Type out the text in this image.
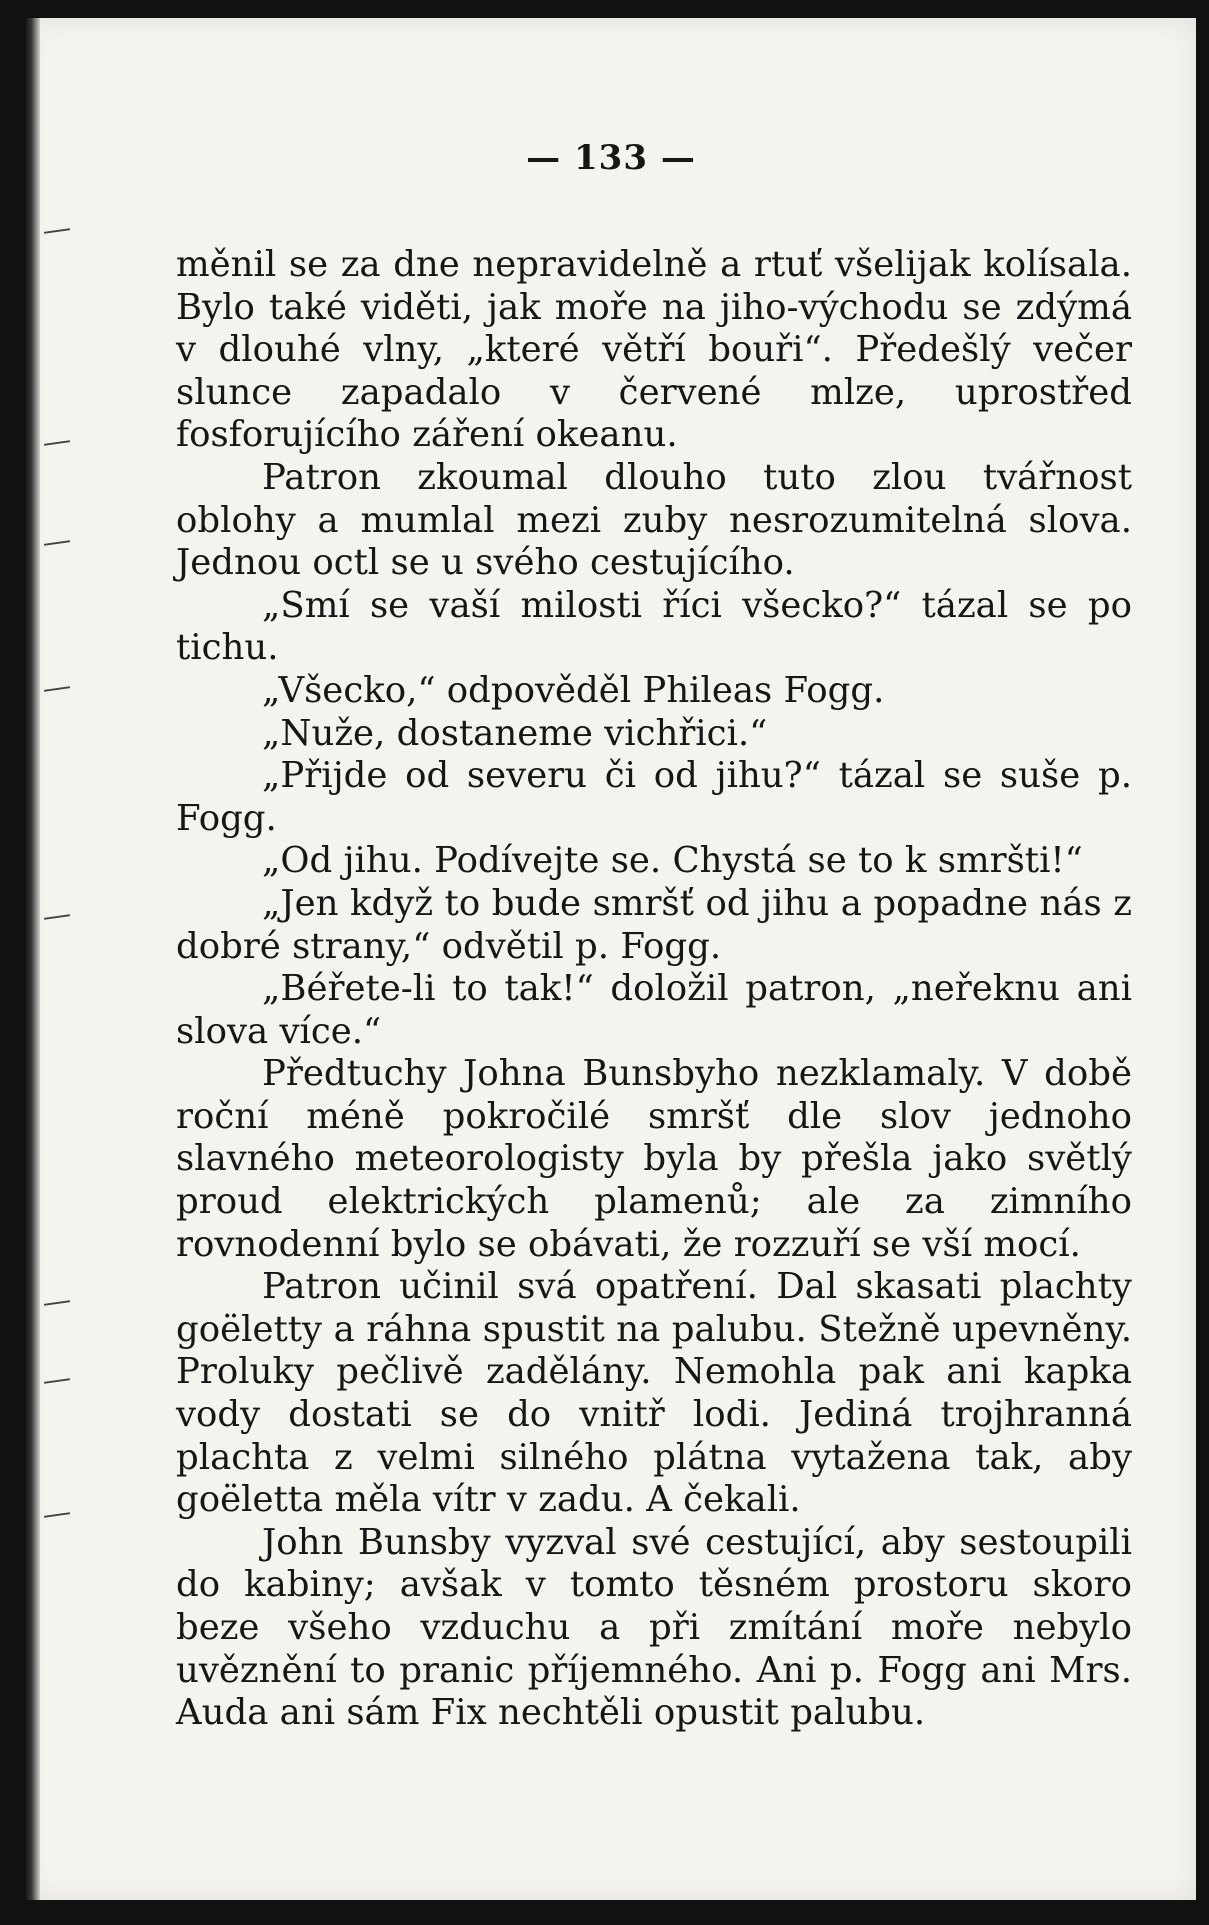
— 133 —

měnil se za dne nepravidelně a rtuť všelijak kolísala. Bylo také viděti, jak moře na jiho-východu se zdýmá v dlouhé vlny, „které větří bouři“. Předešlý večer slunce zapadalo v červené mlze, uprostřed fosforujícího záření okeanu.

Patron zkoumal dlouho tuto zlou tvářnost oblohy a mumlal mezi zuby nesrozumitelná slova. Jednou octl se u svého cestujícího.

„Smí se vaší milosti říci všecko?“ tázal se po tichu.

„Všecko,“ odpověděl Phileas Fogg.

„Nuže, dostaneme vichřici.“

„Přijde od severu či od jihu?“ tázal se suše p. Fogg.

„Od jihu. Podívejte se. Chystá se to k smršti!“

„Jen když to bude smršť od jihu a popadne nás z dobré strany,“ odvětil p. Fogg.

„Béřete-li to tak!“ doložil patron, „neřeknu ani slova více.“

Předtuchy Johna Bunsbyho nezklamaly. V době roční méně pokročilé smršť dle slov jednoho slavného meteorologisty byla by přešla jako světlý proud elektrických plamenů; ale za zimního rovnodenní bylo se obávati, že rozzuří se vší mocí.

Patron učinil svá opatření. Dal skasati plachty goëletty a ráhna spustit na palubu. Stežně upevněny. Proluky pečlivě zadělány. Nemohla pak ani kapka vody dostati se do vnitř lodi. Jediná trojhranná plachta z velmi silného plátna vytažena tak, aby goëletta měla vítr v zadu. A čekali.

John Bunsby vyzval své cestující, aby sestoupili do kabiny; avšak v tomto těsném prostoru skoro beze všeho vzduchu a při zmítání moře nebylo uvěznění to pranic příjemného. Ani p. Fogg ani Mrs. Auda ani sám Fix nechtěli opustit palubu.
